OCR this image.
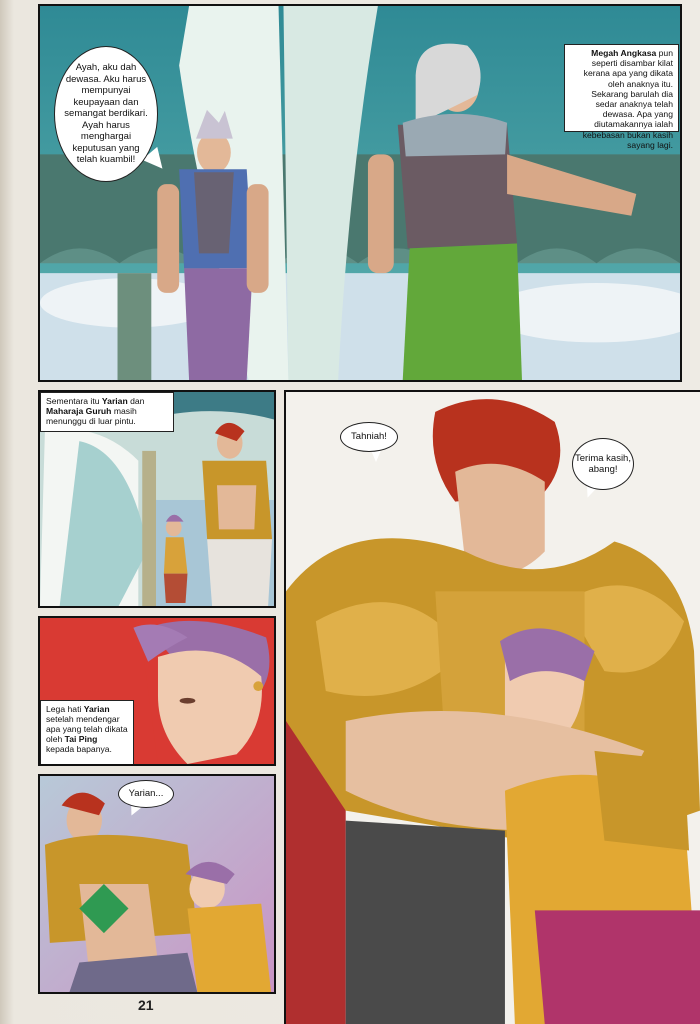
Ayah, aku dah dewasa. Aku harus mempunyai keupayaan dan semangat berdikari. Ayah harus menghargai keputusan yang telah kuambil!
Megah Angkasa pun seperti disambar kilat kerana apa yang dikata oleh anaknya itu. Sekarang barulah dia sedar anaknya telah dewasa. Apa yang diutamakannya ialah kebebasan bukan kasih sayang lagi.
Sementara itu Yarian dan Maharaja Guruh masih menunggu di luar pintu.
Lega hati Yarian setelah mendengar apa yang telah dikata oleh Tai Ping kepada bapanya.
Yarian...
Tahniah!
Terima kasih, abang!
21
